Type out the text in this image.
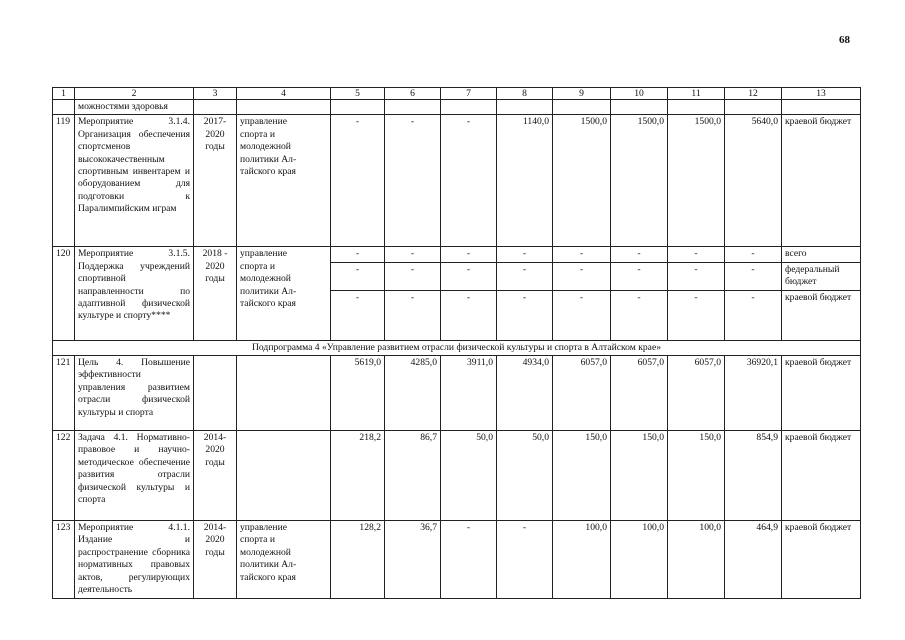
68
1	2	3	4	5	6	7	8	9	10	11	12	13
	можностями здоровья											
119	Мероприятие 3.1.4. Организация обеспечения спортсменов высококачественным спортивным инвентарем и оборудованием для подготовки к Паралимпийским играм	2017-
2020
годы	управление
спорта и
молодежной
политики Ал-
тайского края	-	-	-	1140,0	1500,0	1500,0	1500,0	5640,0	краевой бюджет
120	Мероприятие 3.1.5. Поддержка учреждений спортивной направленности по адаптивной физической культуре и спорту****	2018 -
2020
годы	управление
спорта и
молодежной
политики Ал-
тайского края	-	-	-	-	-	-	-	-	всего
				-	-	-	-	-	-	-	-	федеральный бюджет
				-	-	-	-	-	-	-	-	краевой бюджет
Подпрограмма 4 «Управление развитием отрасли физической культуры и спорта в Алтайском крае»												
121	Цель 4. Повышение эффективности управления развитием отрасли физической культуры и спорта			5619,0	4285,0	3911,0	4934,0	6057,0	6057,0	6057,0	36920,1	краевой бюджет
122	Задача 4.1. Нормативно-правовое и научно-методическое обеспечение развития отрасли физической культуры и спорта	2014-
2020
годы		218,2	86,7	50,0	50,0	150,0	150,0	150,0	854,9	краевой бюджет
123	Мероприятие 4.1.1. Издание и распространение сборника нормативных правовых актов, регулирующих деятельность	2014-
2020
годы	управление
спорта и
молодежной
политики Ал-
тайского края	128,2	36,7	-	-	100,0	100,0	100,0	464,9	краевой бюджет
